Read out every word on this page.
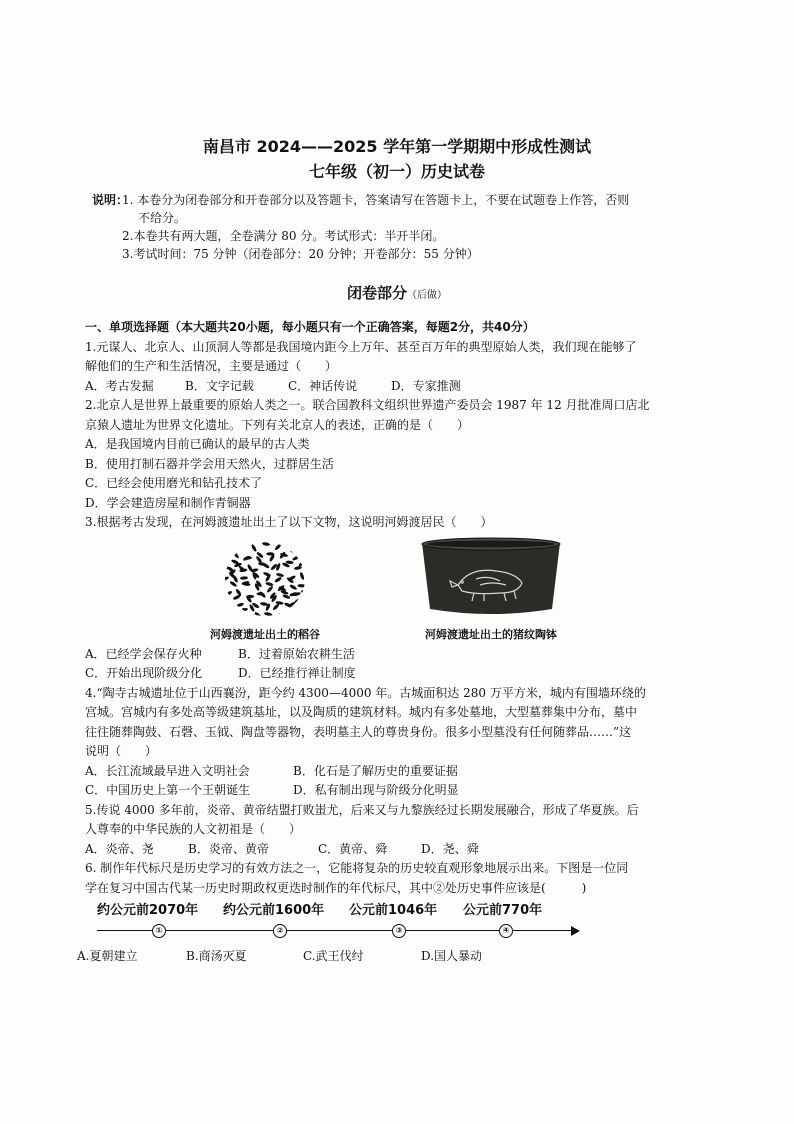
南昌市 2024——2025 学年第一学期期中形成性测试
七年级（初一）历史试卷
说明：
1. 本卷分为闭卷部分和开卷部分以及答题卡，答案请写在答题卡上，不要在试题卷上作答，否则
不给分。
2.本卷共有两大题，全卷满分 80 分。考试形式：半开半闭。
3.考试时间：75 分钟（闭卷部分：20 分钟；开卷部分：55 分钟）
闭卷部分（后做）

一、单项选择题（本大题共20小题，每小题只有一个正确答案，每题2分，共40分）

1.元谋人、北京人、山顶洞人等都是我国境内距今上万年、甚至百万年的典型原始人类，我们现在能够了

解他们的生产和生活情况，主要是通过（　　）

A．考古发掘	B．文字记载	C．神话传说	D．专家推测

2.北京人是世界上最重要的原始人类之一。联合国教科文组织世界遗产委员会 1987 年 12 月批准周口店北

京猿人遗址为世界文化遗址。下列有关北京人的表述，正确的是（　　）

A．是我国境内目前已确认的最早的古人类

B．使用打制石器并学会用天然火，过群居生活

C．已经会使用磨光和钻孔技术了

D．学会建造房屋和制作青铜器

3.根据考古发现，在河姆渡遗址出土了以下文物，这说明河姆渡居民（　　）

河姆渡遗址出土的稻谷	河姆渡遗址出土的猪纹陶钵

A．已经学会保存火种	B．过着原始农耕生活

C．开始出现阶级分化	D．已经推行禅让制度

4.“陶寺古城遗址位于山西襄汾，距今约 4300—4000 年。古城面积达 280 万平方米，城内有围墙环绕的

宫城。宫城内有多处高等级建筑基址，以及陶质的建筑材料。城内有多处墓地，大型墓葬集中分布，墓中

往往随葬陶鼓、石磬、玉钺、陶盘等器物，表明墓主人的尊贵身份。很多小型墓没有任何随葬品……”这

说明（　　）

A．长江流域最早进入文明社会	B．化石是了解历史的重要证据

C．中国历史上第一个王朝诞生	D．私有制出现与阶级分化明显

5.传说 4000 多年前，炎帝、黄帝结盟打败蚩尤，后来又与九黎族经过长期发展融合，形成了华夏族。后

人尊奉的中华民族的人文初祖是（　　）

A．炎帝、尧	B．炎帝、黄帝	C．黄帝、舜	D．尧、舜

6. 制作年代标尺是历史学习的有效方法之一，它能将复杂的历史较直观形象地展示出来。下图是一位同

学在复习中国古代某一历史时期政权更迭时制作的年代标尺，其中②处历史事件应该是(　　　)

约公元前2070年 约公元前1600年 公元前1046年 公元前770年
①	②	③	④
A.夏朝建立	B.商汤灭夏	C.武王伐纣	D.国人暴动
